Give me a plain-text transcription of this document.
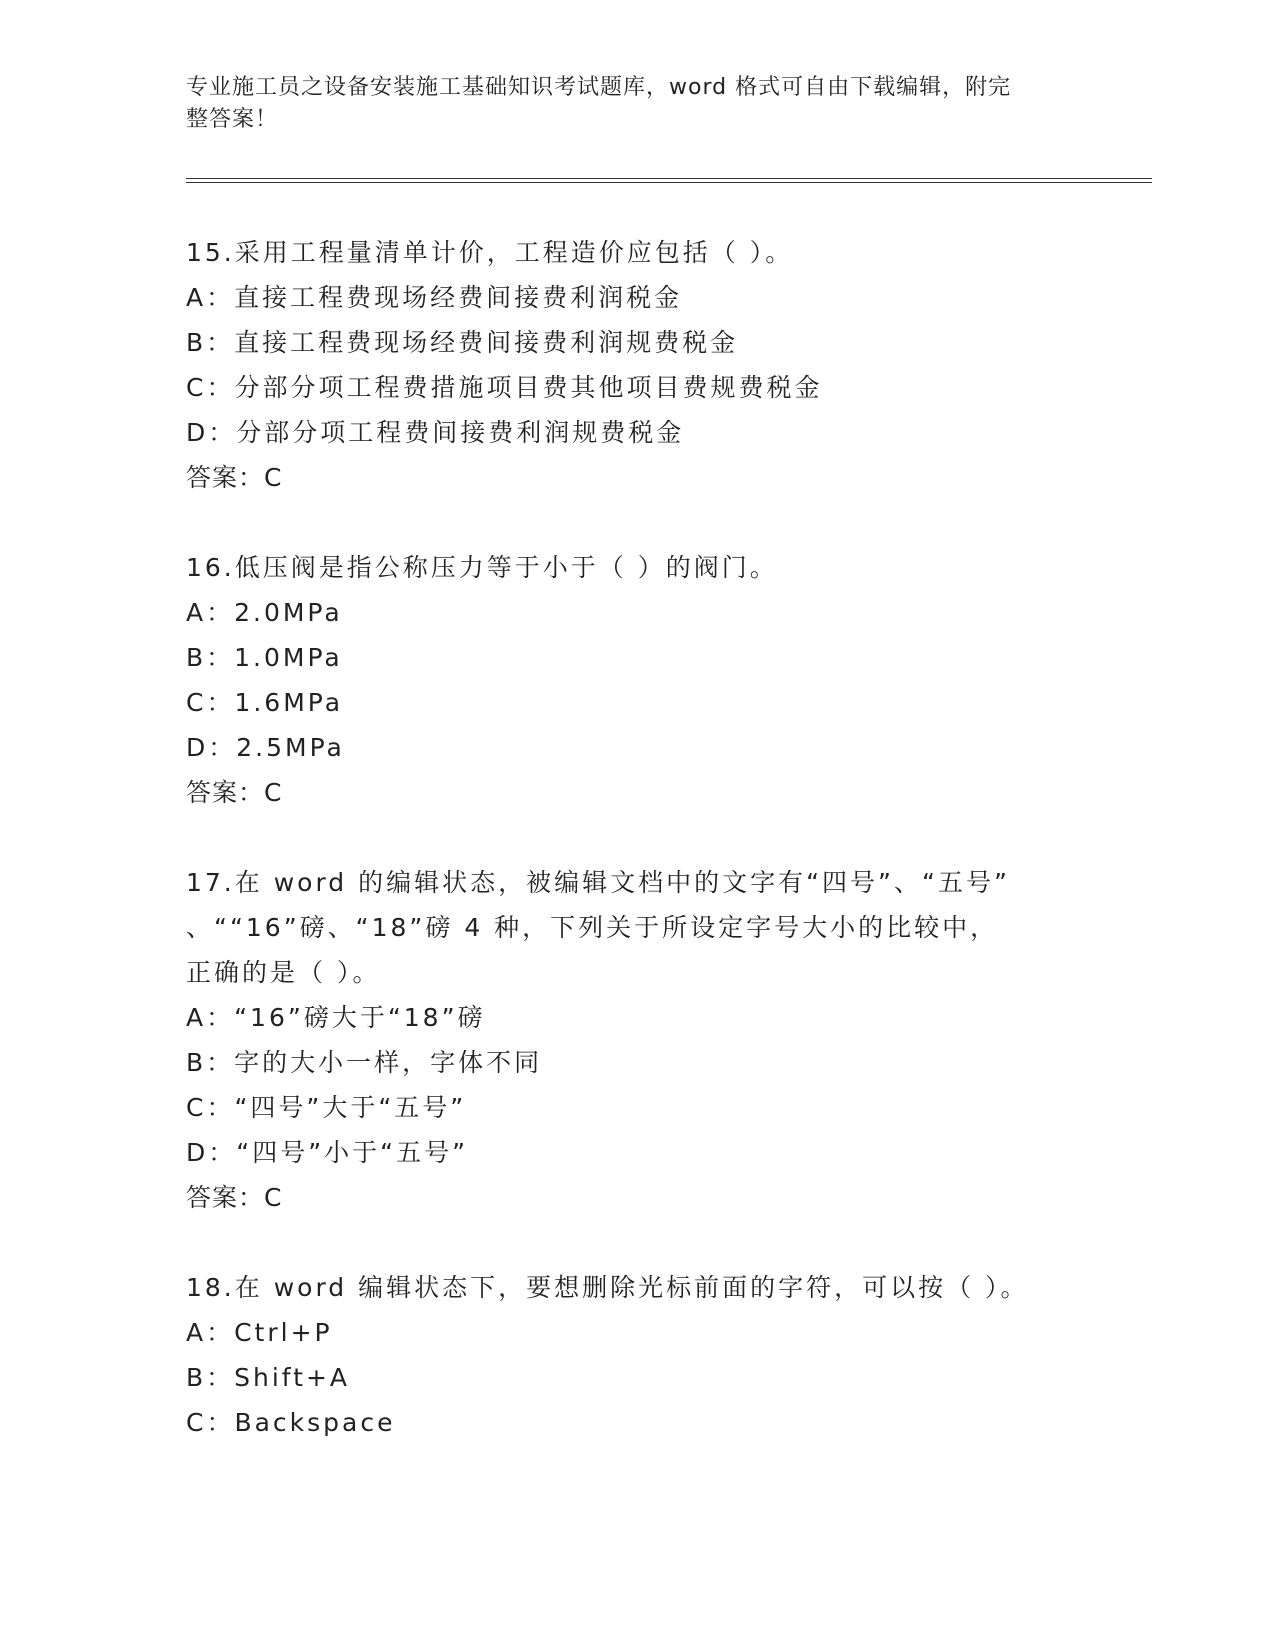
专业施工员之设备安装施工基础知识考试题库，word 格式可自由下载编辑，附完
整答案！
15.采用工程量清单计价，工程造价应包括（ ）。
A：直接工程费现场经费间接费利润税金
B：直接工程费现场经费间接费利润规费税金
C：分部分项工程费措施项目费其他项目费规费税金
D：分部分项工程费间接费利润规费税金
答案：C
16.低压阀是指公称压力等于小于（ ）的阀门。
A：2.0MPa
B：1.0MPa
C：1.6MPa
D：2.5MPa
答案：C
17.在 word 的编辑状态，被编辑文档中的文字有“四号”、“五号”
、““16”磅、“18”磅 4 种，下列关于所设定字号大小的比较中，
正确的是（ ）。
A：“16”磅大于“18”磅
B：字的大小一样，字体不同
C：“四号”大于“五号”
D：“四号”小于“五号”
答案：C
18.在 word 编辑状态下，要想删除光标前面的字符，可以按（ ）。
A：Ctrl+P
B：Shift+A
C：Backspace
